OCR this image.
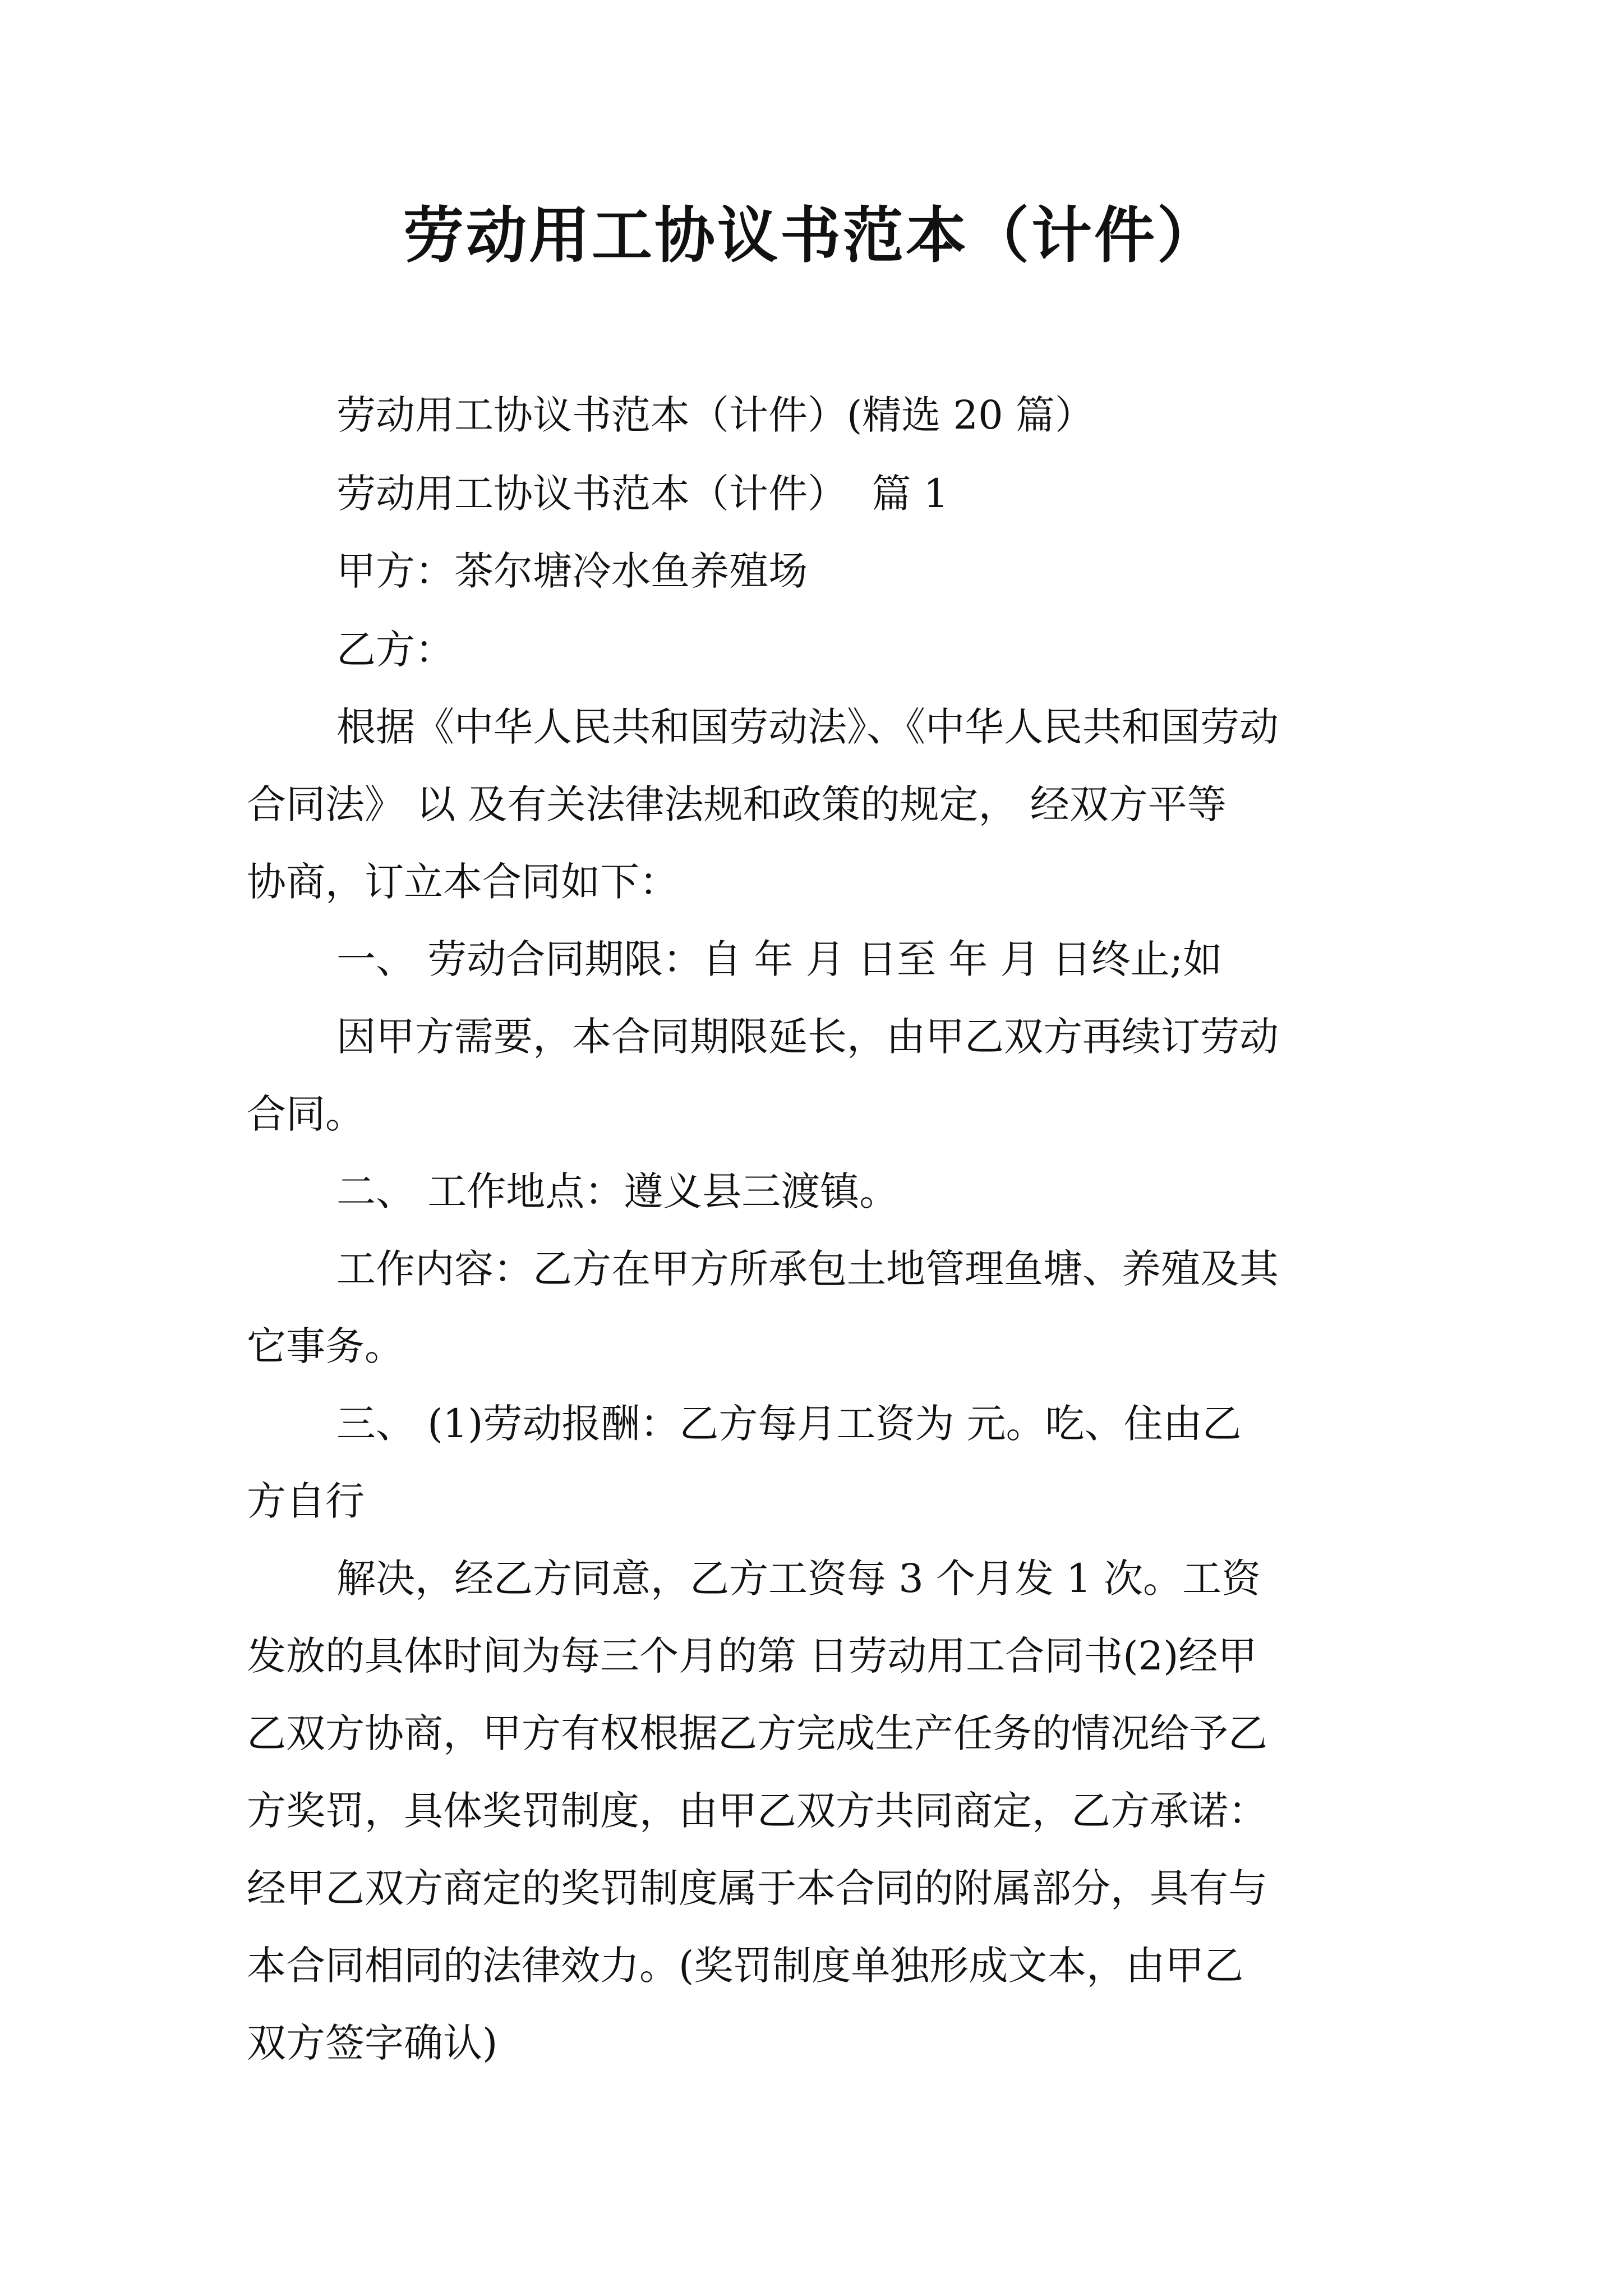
劳动用工协议书范本（计件）
劳动用工协议书范本（计件）(精选 20 篇）
劳动用工协议书范本（计件）  篇 1
甲方：茶尔塘冷水鱼养殖场
乙方：
根据《中华人民共和国劳动法》、《中华人民共和国劳动
合同法》 以 及有关法律法规和政策的规定， 经双方平等
协商，订立本合同如下：
一、 劳动合同期限：自 年 月 日至 年 月 日终止;如
因甲方需要，本合同期限延长，由甲乙双方再续订劳动
合同。
二、 工作地点：遵义县三渡镇。
工作内容：乙方在甲方所承包土地管理鱼塘、养殖及其
它事务。
三、 (1)劳动报酬：乙方每月工资为 元。吃、住由乙
方自行
解决，经乙方同意，乙方工资每 3 个月发 1 次。工资
发放的具体时间为每三个月的第 日劳动用工合同书(2)经甲
乙双方协商，甲方有权根据乙方完成生产任务的情况给予乙
方奖罚，具体奖罚制度，由甲乙双方共同商定，乙方承诺：
经甲乙双方商定的奖罚制度属于本合同的附属部分，具有与
本合同相同的法律效力。(奖罚制度单独形成文本，由甲乙
双方签字确认)
